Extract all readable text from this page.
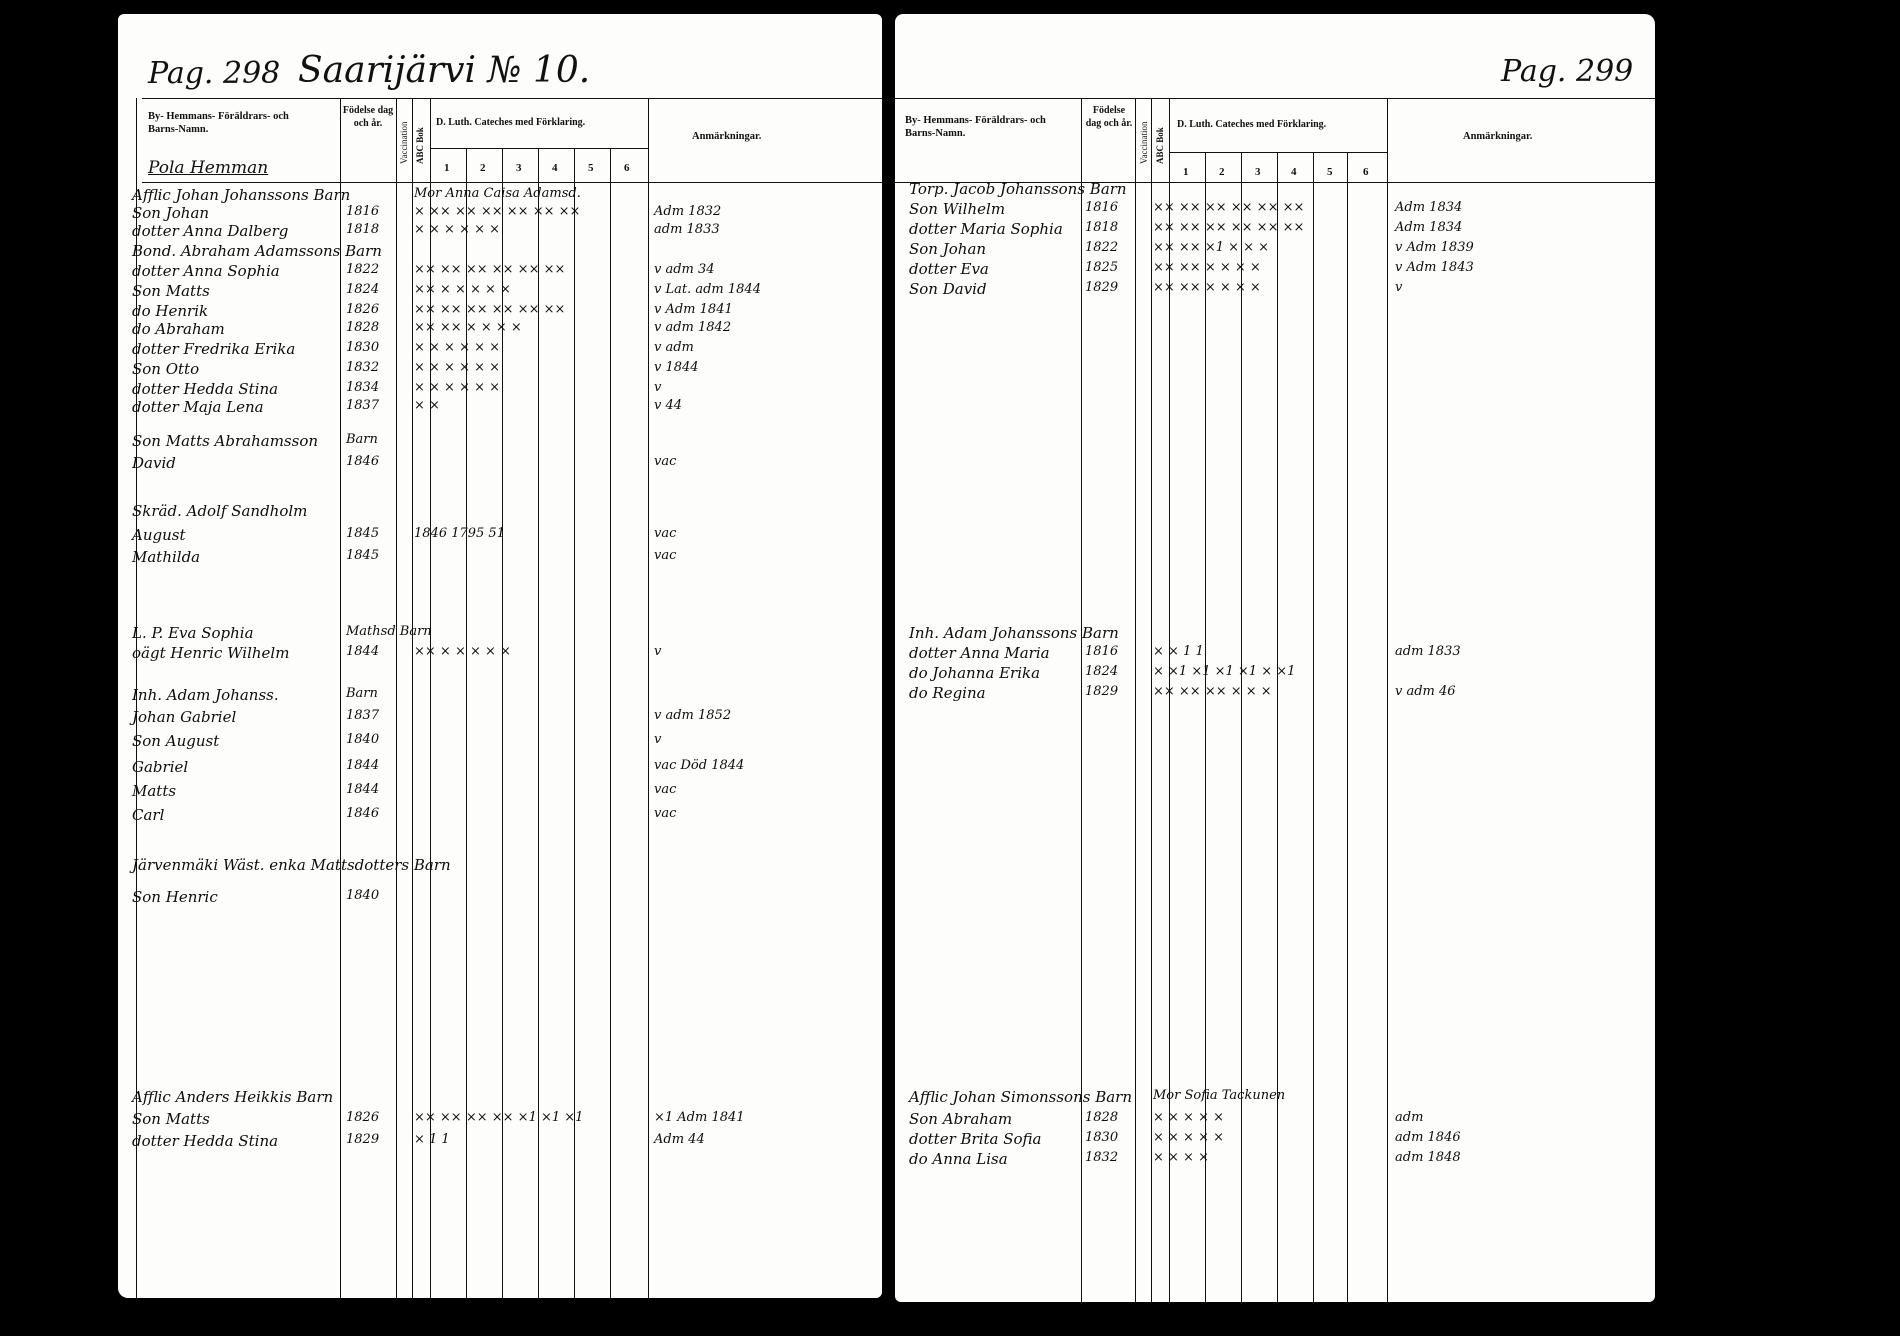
Pag. 298 Saarijärvi № 10.
By- Hemmans- Föräldrars- och Barns-Namn.
Födelse dag och år.	Vaccination ABC Bok
D. Luth. Cateches med Förklaring.
Anmärkningar.
Pola Hemman	1	2	3	4	5	6
Afflic Johan Johanssons Barn	Mor Anna Caisa Adamsd.
Son Johan	1816	× ×× ×× ×× ×× ×× ××	Adm 1832
dotter Anna Dalberg	1818	× × × × × ×	adm 1833
Bond. Abraham Adamssons Barn
dotter Anna Sophia	1822	×× ×× ×× ×× ×× ××	v adm 34
Son Matts	1824	×× × × × × ×	v Lat. adm 1844
do Henrik	1826	×× ×× ×× ×× ×× ××	v Adm 1841
do Abraham	1828	×× ×× × × × ×	v adm 1842
dotter Fredrika Erika	1830	× × × × × ×	v adm
Son Otto	1832	× × × × × ×	v 1844
dotter Hedda Stina	1834	× × × × × ×	v
dotter Maja Lena	1837	× ×	v 44
Son Matts Abrahamsson Barn
David	1846	vac
Skräd. Adolf Sandholm
August	1845	1846 1795 51	vac
Mathilda	1845	vac
L. P. Eva Sophia	Mathsd Barn
oägt Henric Wilhelm	1844	×× × × × × ×	v
Inh. Adam Johanss.	Barn
Johan Gabriel	1837	v adm 1852
Son August	1840	v
Gabriel	1844	vac Död 1844
Matts	1844	vac
Carl	1846	vac
Järvenmäki Wäst. enka Mattsdotters Barn
Son Henric	1840
Afflic Anders Heikkis Barn
Son Matts	1826	×× ×× ×× ×× ×1 ×1 ×1	×1 Adm 1841
dotter Hedda Stina	1829	× 1 1	Adm 44
Pag. 299
By- Hemmans- Föräldrars- och Barns-Namn.
Födelse dag och år. Vaccination ABC Bok
D. Luth. Cateches med Förklaring.
Anmärkningar.
1	2	3	4	5	6
Torp. Jacob Johanssons Barn
Son Wilhelm	1816	×× ×× ×× ×× ×× ××	Adm 1834
dotter Maria Sophia 1818	×× ×× ×× ×× ×× ××	Adm 1834
Son Johan	1822	×× ×× ×1 × × ×	v Adm 1839
dotter Eva	1825	×× ×× × × × ×	v Adm 1843
Son David	1829	×× ×× × × × ×	v
Inh. Adam Johanssons Barn
dotter Anna Maria	1816	× × 1 1	adm 1833
do Johanna Erika	1824	× ×1 ×1 ×1 ×1 × ×1
do Regina	1829	×× ×× ×× × × ×	v adm 46
Afflic Johan Simonssons Barn Mor Sofia Tackunen
Son Abraham	1828	× × × × ×	adm
dotter Brita Sofia	1830	× × × × ×	adm 1846
do Anna Lisa	1832	× × × ×	adm 1848
